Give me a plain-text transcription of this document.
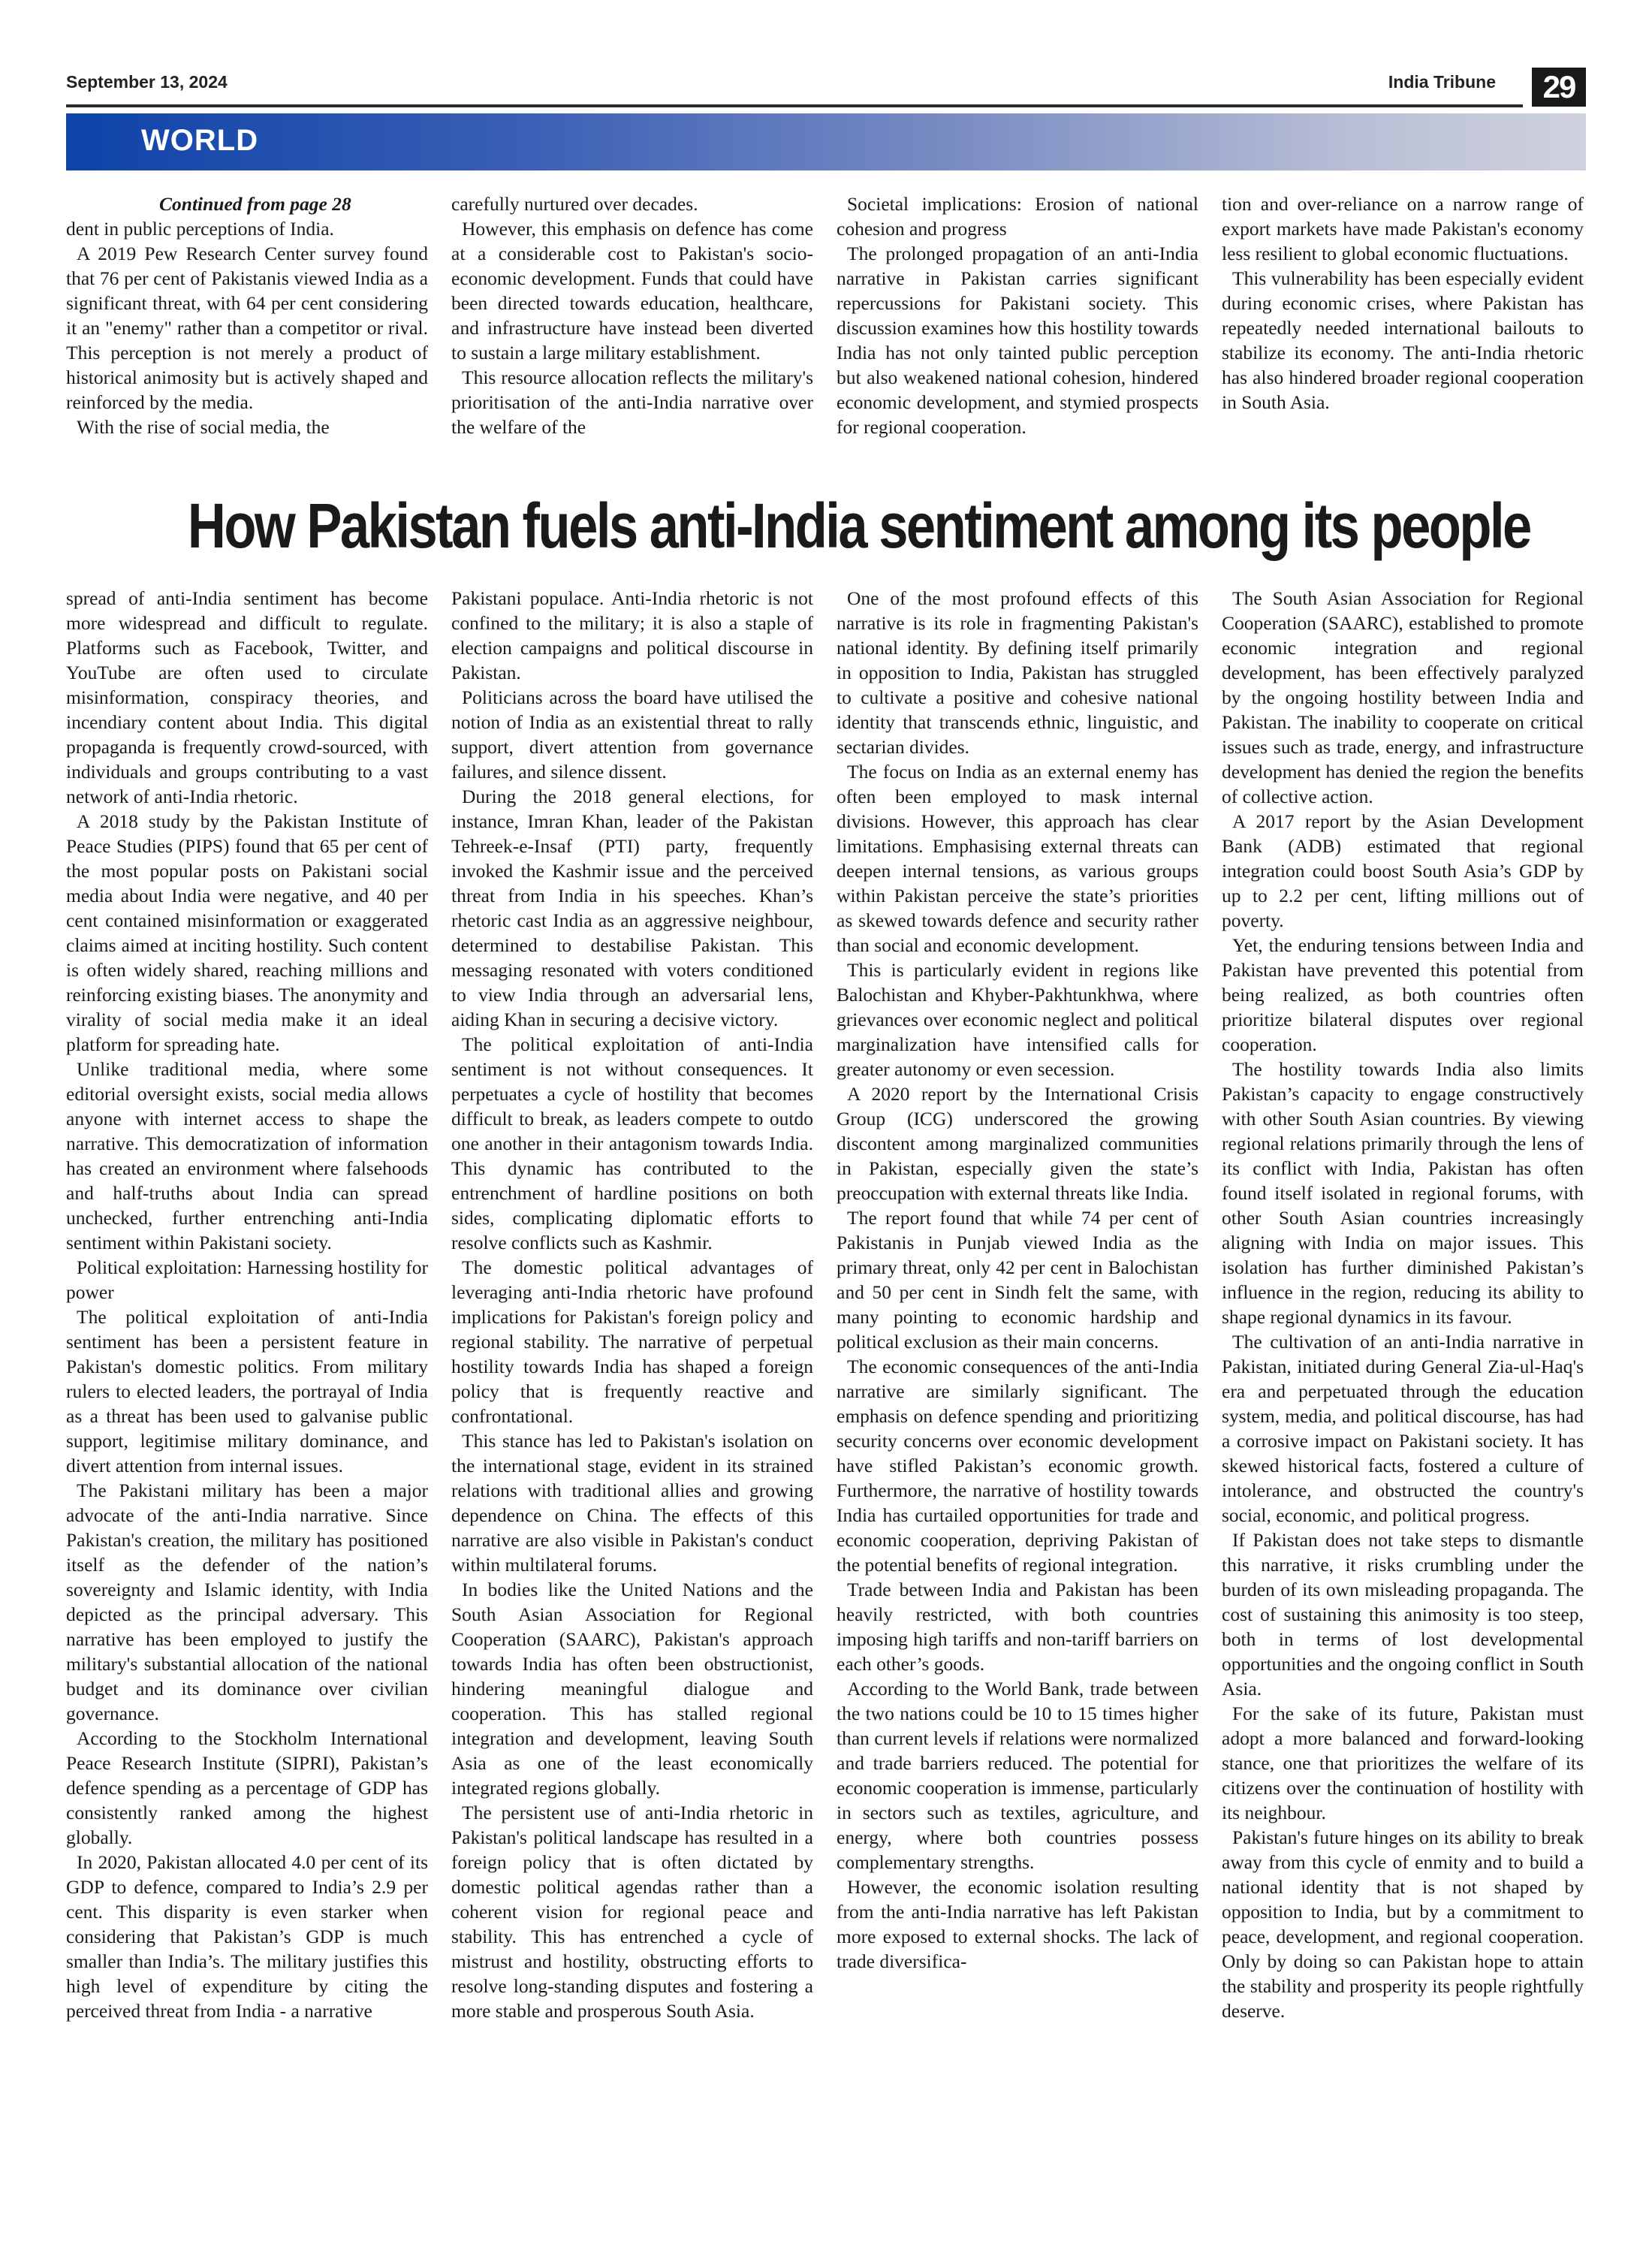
September 13, 2024	India Tribune	29
WORLD

Continued from page 28

dent in public perceptions of India.

A 2019 Pew Research Center survey found that 76 per cent of Pakistanis viewed India as a significant threat, with 64 per cent considering it an "enemy" rather than a competitor or rival. This perception is not merely a product of historical animosity but is actively shaped and reinforced by the media.

With the rise of social media, the

carefully nurtured over decades.

However, this emphasis on defence has come at a considerable cost to Pakistan's socio-economic development. Funds that could have been directed towards education, healthcare, and infrastructure have instead been diverted to sustain a large military establishment.

This resource allocation reflects the military's prioritisation of the anti-India narrative over the welfare of the

Societal implications: Erosion of national cohesion and progress

The prolonged propagation of an anti-India narrative in Pakistan carries significant repercussions for Pakistani society. This discussion examines how this hostility towards India has not only tainted public perception but also weakened national cohesion, hindered economic development, and stymied prospects for regional cooperation.

tion and over-reliance on a narrow range of export markets have made Pakistan's economy less resilient to global economic fluctuations.

This vulnerability has been especially evident during economic crises, where Pakistan has repeatedly needed international bailouts to stabilize its economy. The anti-India rhetoric has also hindered broader regional cooperation in South Asia.

How Pakistan fuels anti-India sentiment among its people

spread of anti-India sentiment has become more widespread and difficult to regulate. Platforms such as Facebook, Twitter, and YouTube are often used to circulate misinformation, conspiracy theories, and incendiary content about India. This digital propaganda is frequently crowd-sourced, with individuals and groups contributing to a vast network of anti-India rhetoric.

A 2018 study by the Pakistan Institute of Peace Studies (PIPS) found that 65 per cent of the most popular posts on Pakistani social media about India were negative, and 40 per cent contained misinformation or exaggerated claims aimed at inciting hostility. Such content is often widely shared, reaching millions and reinforcing existing biases. The anonymity and virality of social media make it an ideal platform for spreading hate.

Unlike traditional media, where some editorial oversight exists, social media allows anyone with internet access to shape the narrative. This democratization of information has created an environment where falsehoods and half-truths about India can spread unchecked, further entrenching anti-India sentiment within Pakistani society.

Political exploitation: Harnessing hostility for power

The political exploitation of anti-India sentiment has been a persistent feature in Pakistan's domestic politics. From military rulers to elected leaders, the portrayal of India as a threat has been used to galvanise public support, legitimise military dominance, and divert attention from internal issues.

The Pakistani military has been a major advocate of the anti-India narrative. Since Pakistan's creation, the military has positioned itself as the defender of the nation’s sovereignty and Islamic identity, with India depicted as the principal adversary. This narrative has been employed to justify the military's substantial allocation of the national budget and its dominance over civilian governance.

According to the Stockholm International Peace Research Institute (SIPRI), Pakistan’s defence spending as a percentage of GDP has consistently ranked among the highest globally.

In 2020, Pakistan allocated 4.0 per cent of its GDP to defence, compared to India’s 2.9 per cent. This disparity is even starker when considering that Pakistan’s GDP is much smaller than India’s. The military justifies this high level of expenditure by citing the perceived threat from India - a narrative

Pakistani populace. Anti-India rhetoric is not confined to the military; it is also a staple of election campaigns and political discourse in Pakistan.

Politicians across the board have utilised the notion of India as an existential threat to rally support, divert attention from governance failures, and silence dissent.

During the 2018 general elections, for instance, Imran Khan, leader of the Pakistan Tehreek-e-Insaf (PTI) party, frequently invoked the Kashmir issue and the perceived threat from India in his speeches. Khan’s rhetoric cast India as an aggressive neighbour, determined to destabilise Pakistan. This messaging resonated with voters conditioned to view India through an adversarial lens, aiding Khan in securing a decisive victory.

The political exploitation of anti-India sentiment is not without consequences. It perpetuates a cycle of hostility that becomes difficult to break, as leaders compete to outdo one another in their antagonism towards India. This dynamic has contributed to the entrenchment of hardline positions on both sides, complicating diplomatic efforts to resolve conflicts such as Kashmir.

The domestic political advantages of leveraging anti-India rhetoric have profound implications for Pakistan's foreign policy and regional stability. The narrative of perpetual hostility towards India has shaped a foreign policy that is frequently reactive and confrontational.

This stance has led to Pakistan's isolation on the international stage, evident in its strained relations with traditional allies and growing dependence on China. The effects of this narrative are also visible in Pakistan's conduct within multilateral forums.

In bodies like the United Nations and the South Asian Association for Regional Cooperation (SAARC), Pakistan's approach towards India has often been obstructionist, hindering meaningful dialogue and cooperation. This has stalled regional integration and development, leaving South Asia as one of the least economically integrated regions globally.

The persistent use of anti-India rhetoric in Pakistan's political landscape has resulted in a foreign policy that is often dictated by domestic political agendas rather than a coherent vision for regional peace and stability. This has entrenched a cycle of mistrust and hostility, obstructing efforts to resolve long-standing disputes and fostering a more stable and prosperous South Asia.

One of the most profound effects of this narrative is its role in fragmenting Pakistan's national identity. By defining itself primarily in opposition to India, Pakistan has struggled to cultivate a positive and cohesive national identity that transcends ethnic, linguistic, and sectarian divides.

The focus on India as an external enemy has often been employed to mask internal divisions. However, this approach has clear limitations. Emphasising external threats can deepen internal tensions, as various groups within Pakistan perceive the state’s priorities as skewed towards defence and security rather than social and economic development.

This is particularly evident in regions like Balochistan and Khyber-Pakhtunkhwa, where grievances over economic neglect and political marginalization have intensified calls for greater autonomy or even secession.

A 2020 report by the International Crisis Group (ICG) underscored the growing discontent among marginalized communities in Pakistan, especially given the state’s preoccupation with external threats like India.

The report found that while 74 per cent of Pakistanis in Punjab viewed India as the primary threat, only 42 per cent in Balochistan and 50 per cent in Sindh felt the same, with many pointing to economic hardship and political exclusion as their main concerns.

The economic consequences of the anti-India narrative are similarly significant. The emphasis on defence spending and prioritizing security concerns over economic development have stifled Pakistan’s economic growth. Furthermore, the narrative of hostility towards India has curtailed opportunities for trade and economic cooperation, depriving Pakistan of the potential benefits of regional integration.

Trade between India and Pakistan has been heavily restricted, with both countries imposing high tariffs and non-tariff barriers on each other’s goods.

According to the World Bank, trade between the two nations could be 10 to 15 times higher than current levels if relations were normalized and trade barriers reduced. The potential for economic cooperation is immense, particularly in sectors such as textiles, agriculture, and energy, where both countries possess complementary strengths.

However, the economic isolation resulting from the anti-India narrative has left Pakistan more exposed to external shocks. The lack of trade diversifica-

The South Asian Association for Regional Cooperation (SAARC), established to promote economic integration and regional development, has been effectively paralyzed by the ongoing hostility between India and Pakistan. The inability to cooperate on critical issues such as trade, energy, and infrastructure development has denied the region the benefits of collective action.

A 2017 report by the Asian Development Bank (ADB) estimated that regional integration could boost South Asia’s GDP by up to 2.2 per cent, lifting millions out of poverty.

Yet, the enduring tensions between India and Pakistan have prevented this potential from being realized, as both countries often prioritize bilateral disputes over regional cooperation.

The hostility towards India also limits Pakistan’s capacity to engage constructively with other South Asian countries. By viewing regional relations primarily through the lens of its conflict with India, Pakistan has often found itself isolated in regional forums, with other South Asian countries increasingly aligning with India on major issues. This isolation has further diminished Pakistan’s influence in the region, reducing its ability to shape regional dynamics in its favour.

The cultivation of an anti-India narrative in Pakistan, initiated during General Zia-ul-Haq's era and perpetuated through the education system, media, and political discourse, has had a corrosive impact on Pakistani society. It has skewed historical facts, fostered a culture of intolerance, and obstructed the country's social, economic, and political progress.

If Pakistan does not take steps to dismantle this narrative, it risks crumbling under the burden of its own misleading propaganda. The cost of sustaining this animosity is too steep, both in terms of lost developmental opportunities and the ongoing conflict in South Asia.

For the sake of its future, Pakistan must adopt a more balanced and forward-looking stance, one that prioritizes the welfare of its citizens over the continuation of hostility with its neighbour.

Pakistan's future hinges on its ability to break away from this cycle of enmity and to build a national identity that is not shaped by opposition to India, but by a commitment to peace, development, and regional cooperation. Only by doing so can Pakistan hope to attain the stability and prosperity its people rightfully deserve.
